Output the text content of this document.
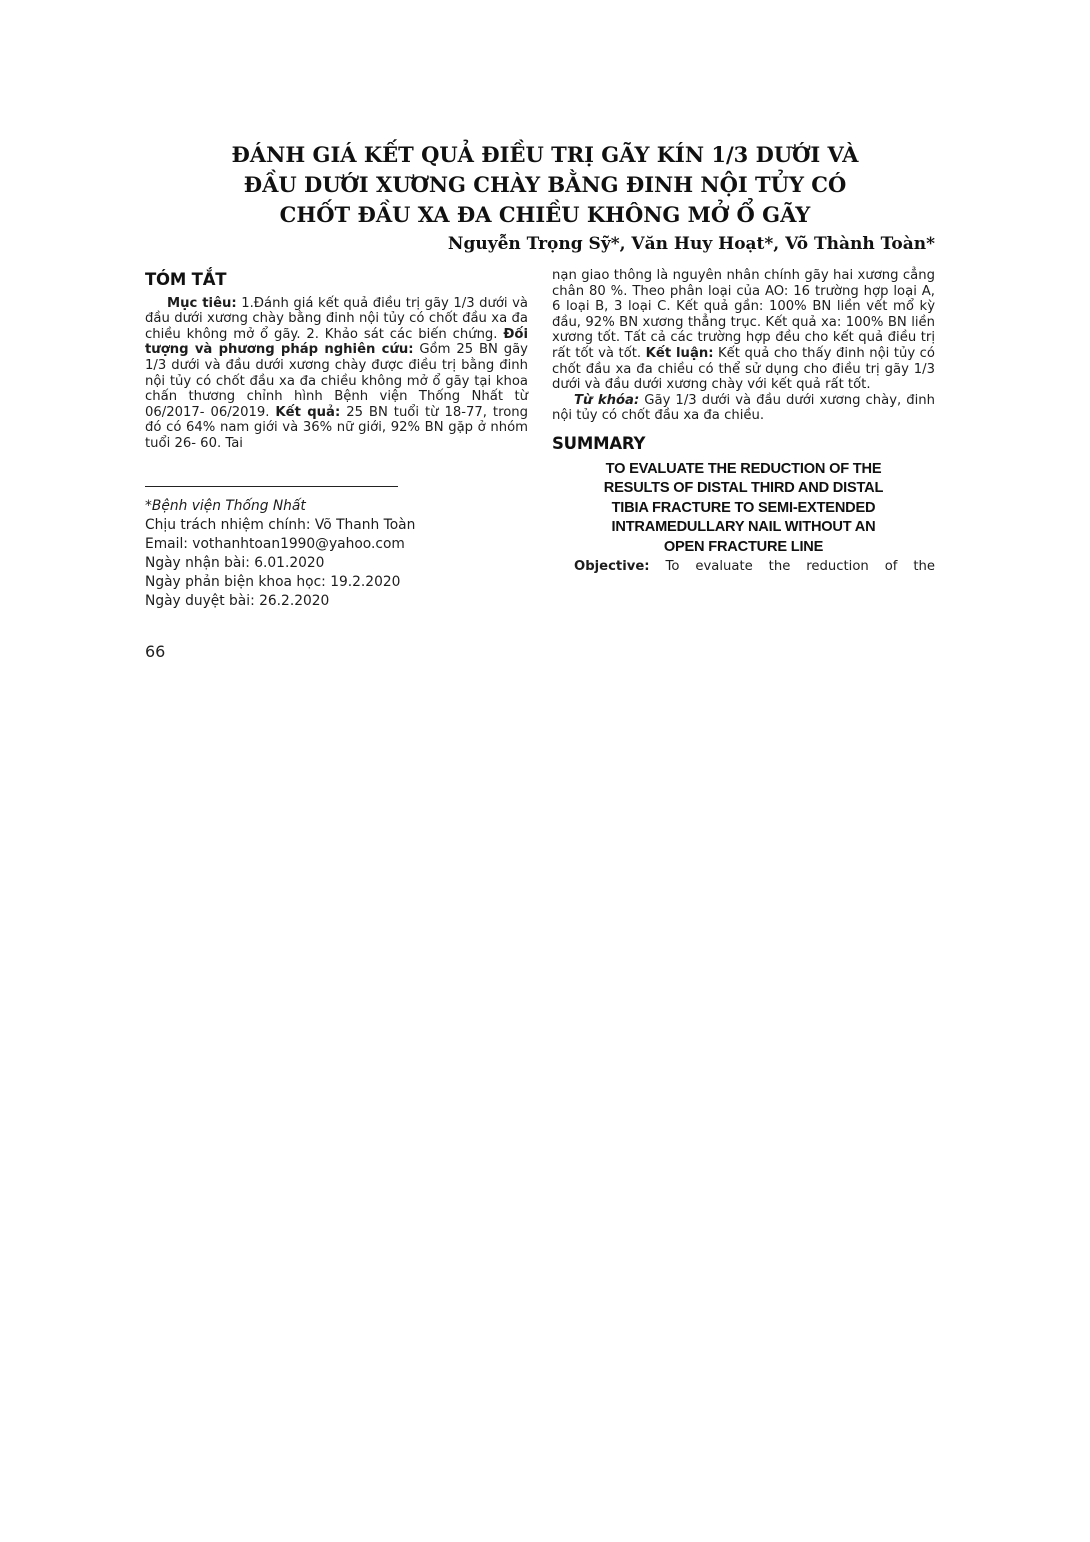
ĐÁNH GIÁ KẾT QUẢ ĐIỀU TRỊ GÃY KÍN 1/3 DƯỚI VÀ
ĐẦU DƯỚI XƯƠNG CHÀY BẰNG ĐINH NỘI TỦY CÓ
CHỐT ĐẦU XA ĐA CHIỀU KHÔNG MỞ Ổ GÃY
Nguyễn Trọng Sỹ*, Văn Huy Hoạt*, Võ Thành Toàn*
TÓM TẮT

Mục tiêu: 1.Đánh giá kết quả điều trị gãy 1/3 dưới và đầu dưới xương chày bằng đinh nội tủy có chốt đầu xa đa chiều không mở ổ gãy. 2. Khảo sát các biến chứng. Đối tượng và phương pháp nghiên cứu: Gồm 25 BN gãy 1/3 dưới và đầu dưới xương chày được điều trị bằng đinh nội tủy có chốt đầu xa đa chiều không mở ổ gãy tại khoa chấn thương chỉnh hình Bệnh viện Thống Nhất từ 06/2017- 06/2019. Kết quả: 25 BN tuổi từ 18-77, trong đó có 64% nam giới và 36% nữ giới, 92% BN gặp ở nhóm tuổi 26- 60. Tai

*Bệnh viện Thống Nhất
Chịu trách nhiệm chính: Võ Thanh Toàn
Email: vothanhtoan1990@yahoo.com
Ngày nhận bài: 6.01.2020
Ngày phản biện khoa học: 19.2.2020
Ngày duyệt bài: 26.2.2020

nạn giao thông là nguyên nhân chính gãy hai xương cẳng chân 80 %. Theo phân loại của AO: 16 trường hợp loại A, 6 loại B, 3 loại C. Kết quả gần: 100% BN liền vết mổ kỳ đầu, 92% BN xương thẳng trục. Kết quả xa: 100% BN liền xương tốt. Tất cả các trường hợp đều cho kết quả điều trị rất tốt và tốt. Kết luận: Kết quả cho thấy đinh nội tủy có chốt đầu xa đa chiều có thể sử dụng cho điều trị gãy 1/3 dưới và đầu dưới xương chày với kết quả rất tốt.

Từ khóa: Gãy 1/3 dưới và đầu dưới xương chày, đinh nội tủy có chốt đầu xa đa chiều.

SUMMARY
TO EVALUATE THE REDUCTION OF THE
RESULTS OF DISTAL THIRD AND DISTAL
TIBIA FRACTURE TO SEMI-EXTENDED
INTRAMEDULLARY NAIL WITHOUT AN
OPEN FRACTURE LINE

Objective: To evaluate the reduction of the

66
